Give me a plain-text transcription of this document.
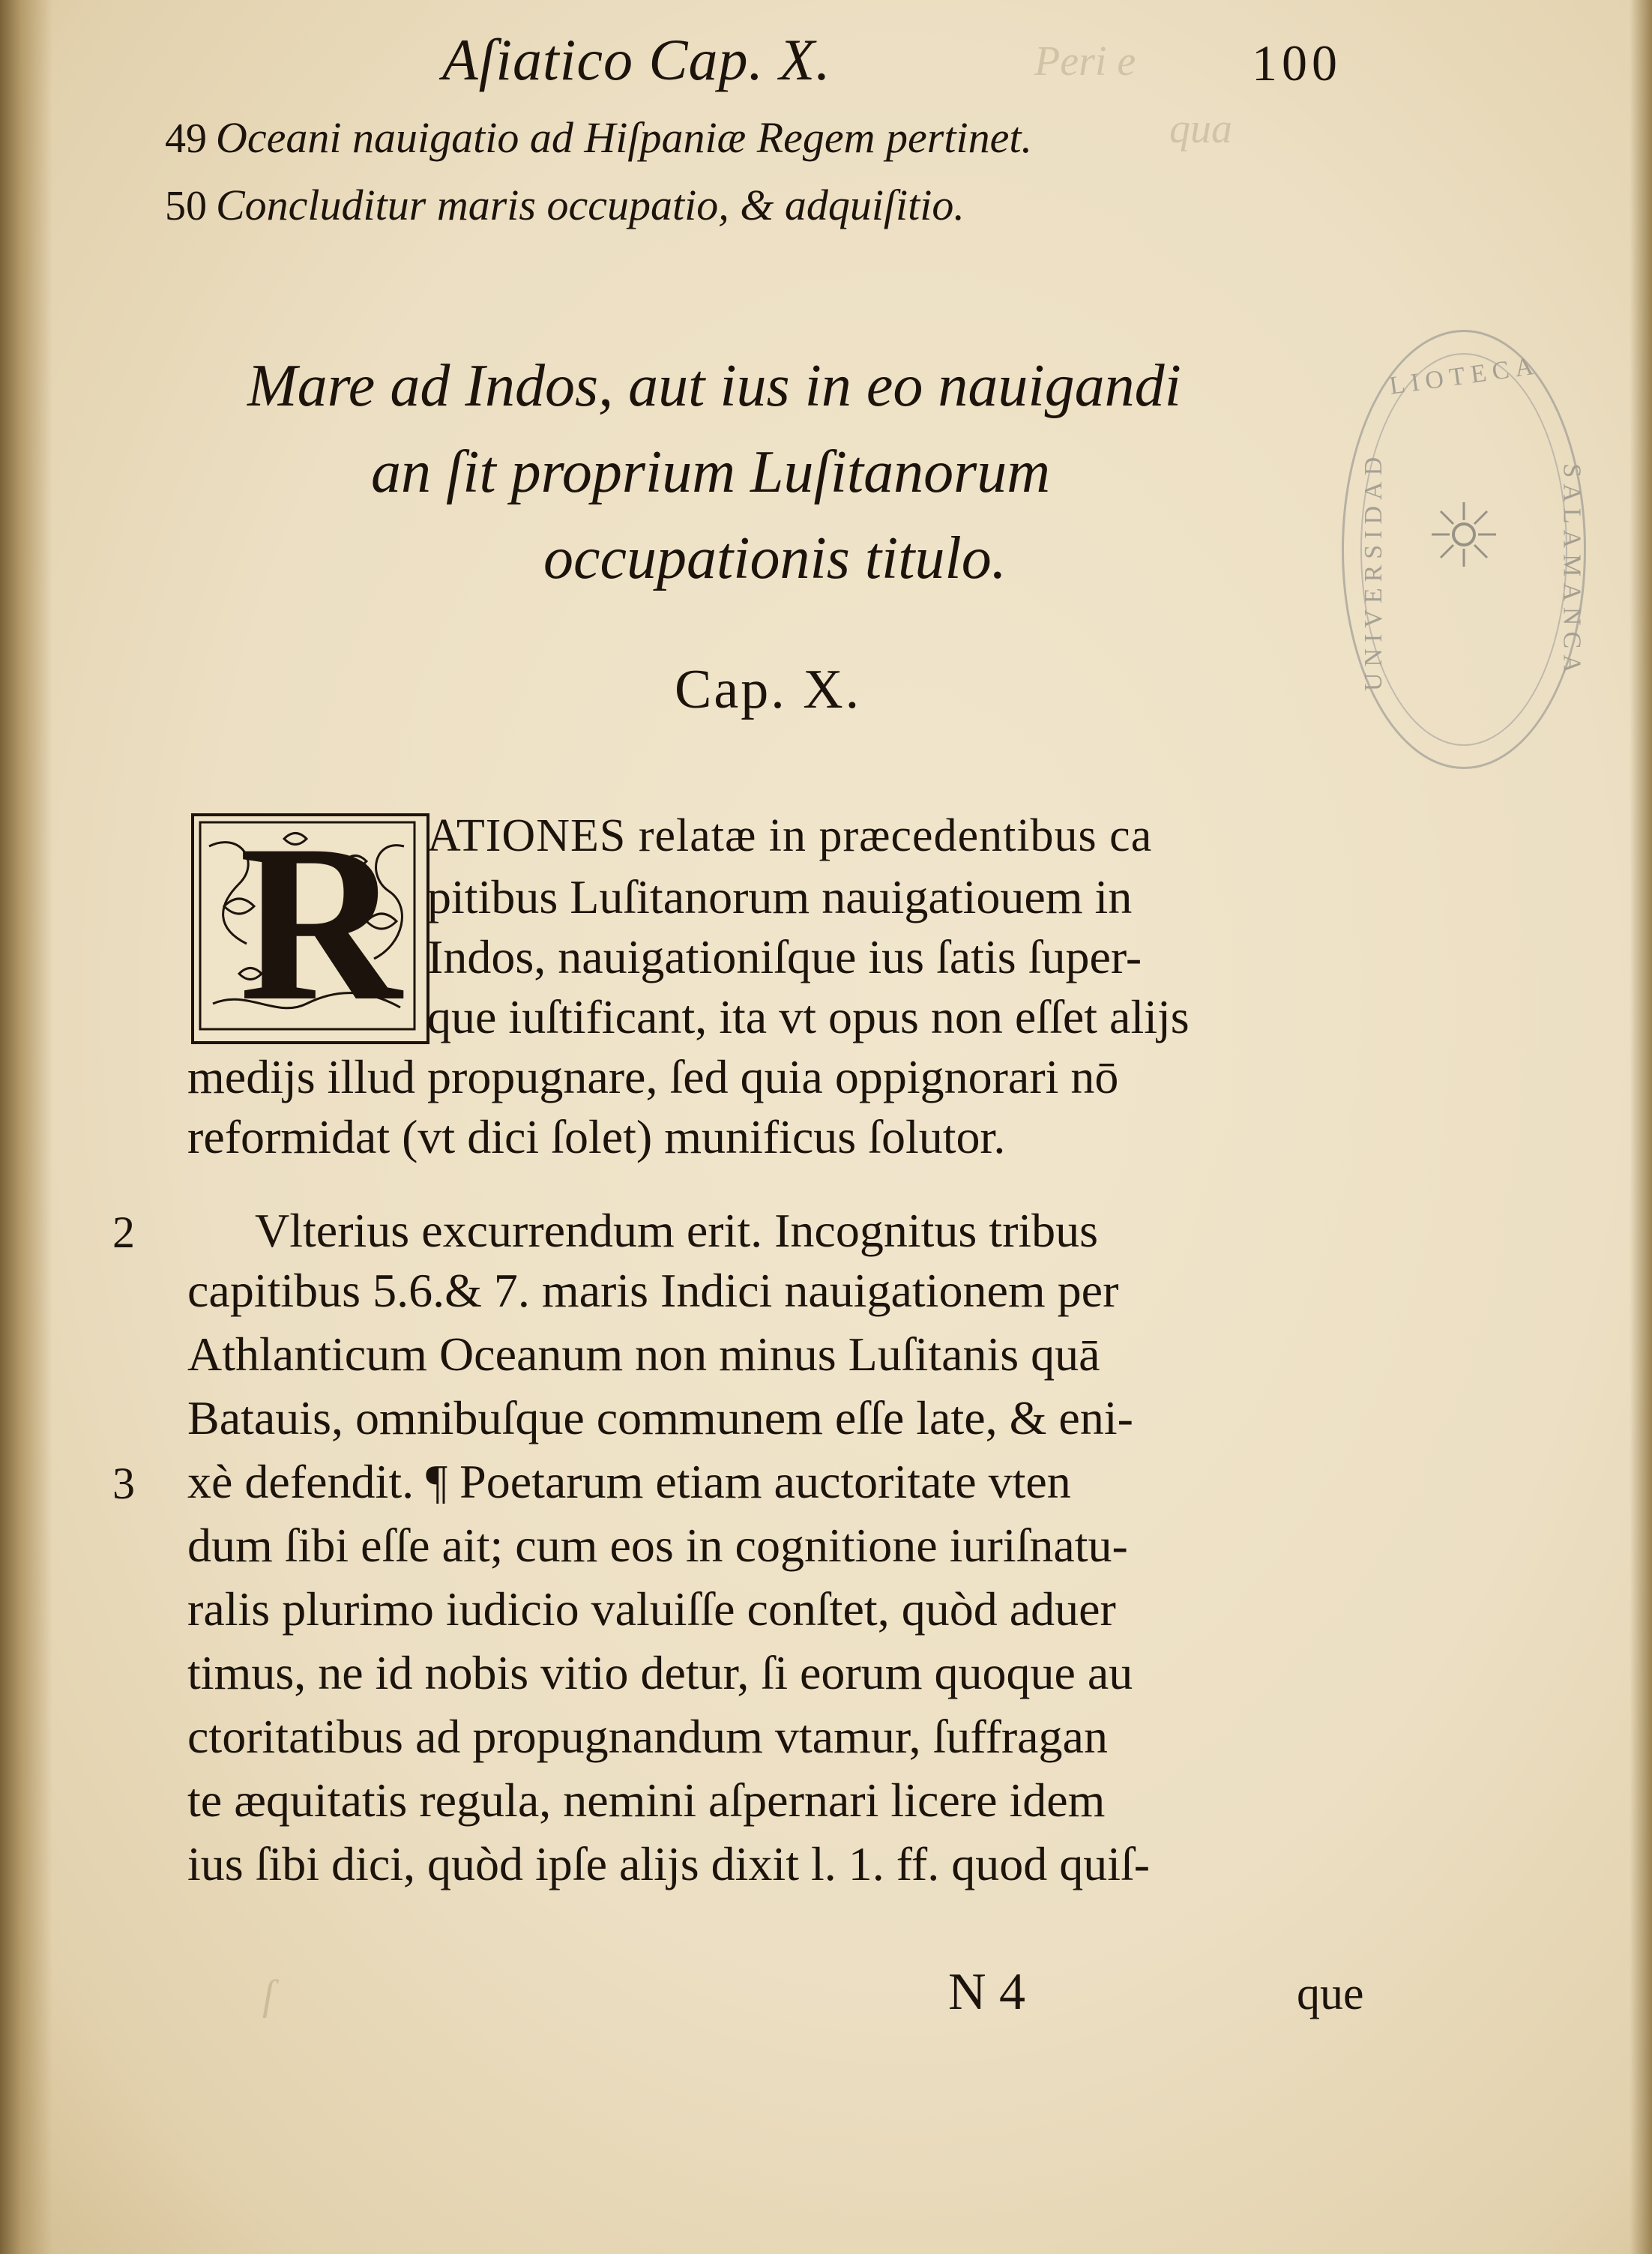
Peri e
qua
ſ
Aſiatico Cap. X.	100
49 Oceani nauigatio ad Hiſpaniæ Regem pertinet.
50 Concluditur maris occupatio, & adquiſitio.
Mare ad Indos, aut ius in eo nauigandi
an ſit proprium Luſitanorum
occupationis titulo.
Cap. X.
LIOTECA
UNIVERSIDAD	SALAMANCA
R ATIONES relatæ in præcedentibus ca
pitibus Luſitanorum nauigatiouem in
Indos, nauigationiſque ius ſatis ſuper-
que iuſtificant, ita vt opus non eſſet alijs
medijs illud propugnare, ſed quia oppignorari nō
reformidat (vt dici ſolet) munificus ſolutor.
Vlterius excurrendum erit. Incognitus tribus
capitibus 5.6.& 7. maris Indici nauigationem per
Athlanticum Oceanum non minus Luſitanis quā
Batauis, omnibuſque communem eſſe late, & eni-
xè defendit. ¶ Poetarum etiam auctoritate vten
dum ſibi eſſe ait; cum eos in cognitione iuriſnatu-
ralis plurimo iudicio valuiſſe conſtet, quòd aduer
timus, ne id nobis vitio detur, ſi eorum quoque au
ctoritatibus ad propugnandum vtamur, ſuffragan
te æquitatis regula, nemini aſpernari licere idem
ius ſibi dici, quòd ipſe alijs dixit l. 1. ff. quod quiſ-
2
3
N 4	que
